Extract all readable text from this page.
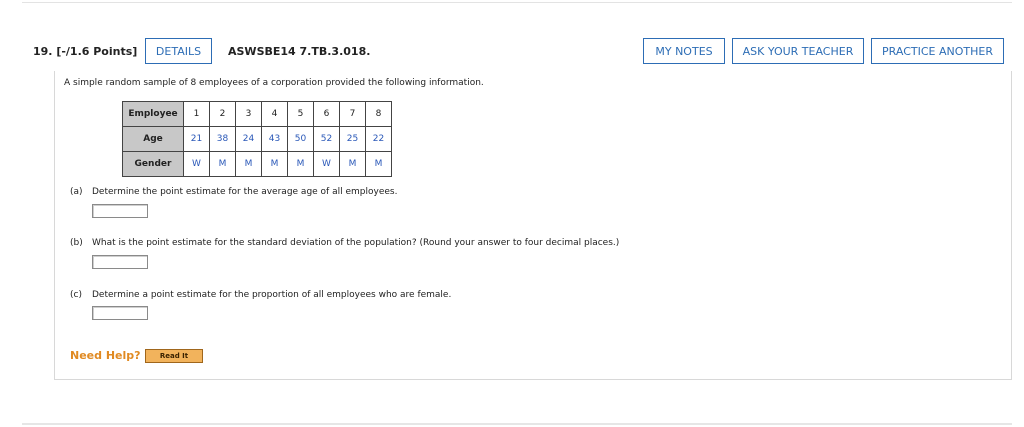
19. [-/1.6 Points]	DETAILS	ASWSBE14 7.TB.3.018.	MY NOTES	ASK YOUR TEACHER	PRACTICE ANOTHER
A simple random sample of 8 employees of a corporation provided the following information.
Employee	1	2	3	4	5	6	7	8
Age	21	38	24	43	50	52	25	22
Gender	W	M	M	M	M	W	M	M
(a) Determine the point estimate for the average age of all employees.
(b) What is the point estimate for the standard deviation of the population? (Round your answer to four decimal places.)
(c) Determine a point estimate for the proportion of all employees who are female.
Need Help?	Read It
